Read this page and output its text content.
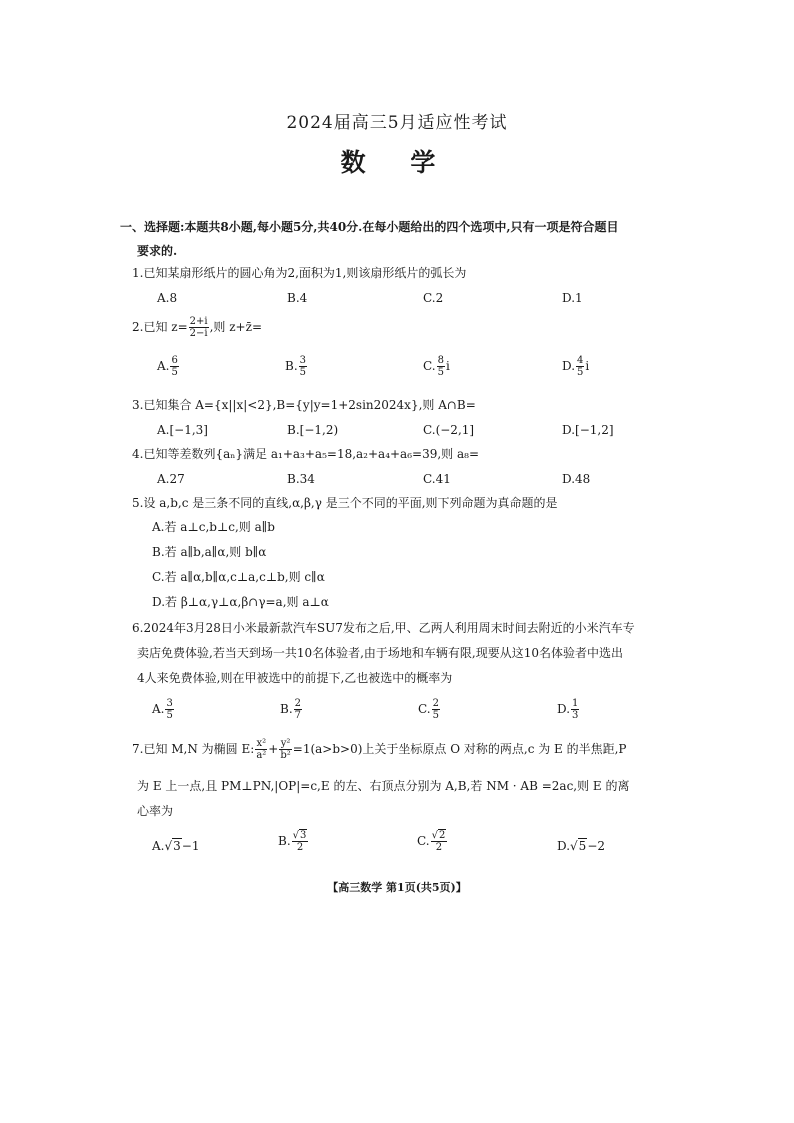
2024届高三5月适应性考试
数 学
一、选择题:本题共8小题,每小题5分,共40分.在每小题给出的四个选项中,只有一项是符合题目
要求的.
1.已知某扇形纸片的圆心角为2,面积为1,则该扇形纸片的弧长为
A.8	B.4	C.2	D.1
2.已知 $z= \frac{2+i}{2-i}$ ,则 z+z̄=
A. $\frac{6}{5}$	B. $\frac{3}{5}$	C. $\frac{8}{5}$ i	D. $\frac{4}{5}$ i
3.已知集合 A={x||x|<2},B={y|y=1+2sin2024x},则 A∩B=
A.[−1,3]	B.[−1,2)	C.(−2,1]	D.[−1,2]
4.已知等差数列{aₙ}满足 a₁+a₃+a₅=18,a₂+a₄+a₆=39,则 a₈=
A.27	B.34	C.41	D.48
5.设 a,b,c 是三条不同的直线,α,β,γ 是三个不同的平面,则下列命题为真命题的是
A.若 a⊥c,b⊥c,则 a∥b
B.若 a∥b,a∥α,则 b∥α
C.若 a∥α,b∥α,c⊥a,c⊥b,则 c∥α
D.若 β⊥α,γ⊥α,β∩γ=a,则 a⊥α
6.2024年3月28日小米最新款汽车SU7发布之后,甲、乙两人利用周末时间去附近的小米汽车专
卖店免费体验,若当天到场一共10名体验者,由于场地和车辆有限,现要从这10名体验者中选出
4人来免费体验,则在甲被选中的前提下,乙也被选中的概率为
A. $\frac{3}{5}$	B. $\frac{2}{7}$	C. $\frac{2}{5}$	D. $\frac{1}{3}$
7.已知 M,N 为椭圆 E: $\frac{\text{x²}}{\text{a²}} + \frac{\text{y²}}{\text{b²}} =1(a>b>0)$上关于坐标原点 O 对称的两点,c 为 E 的半焦距,P
为 E 上一点,且 PM⊥PN,|OP|=c,E 的左、右顶点分别为 A,B,若 NM · AB =2ac,则 E 的离
心率为
A.√3−1	B. $\frac{√3}{2}$	C. $\frac{√2}{2}$	D.√5−2
【高三数学 第1页(共5页)】
